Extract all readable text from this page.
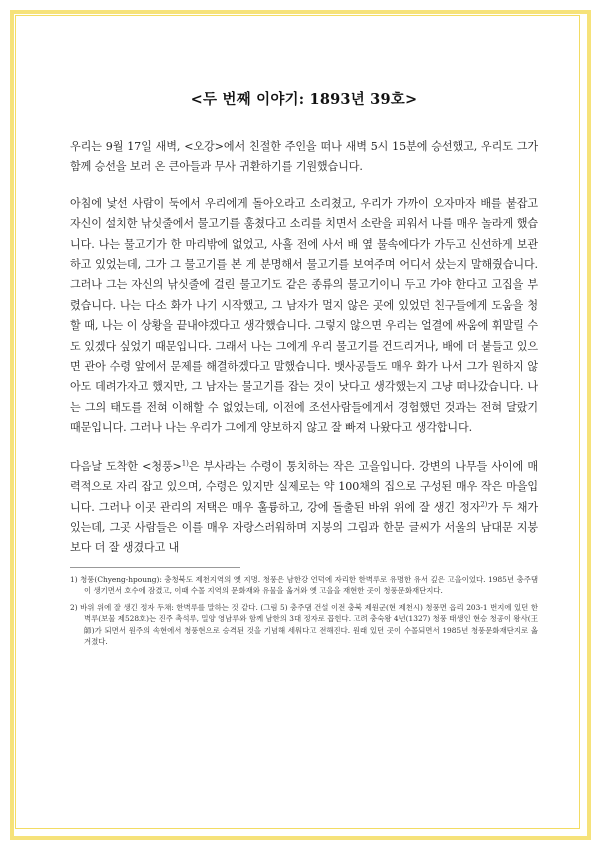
<두 번째 이야기: 1893년 39호>

우리는 9월 17일 새벽, <오강>에서 친절한 주인을 떠나 새벽 5시 15분에 승선했고, 우리도 그가 함께 승선을 보러 온 큰아들과 무사 귀환하기를 기원했습니다.

아침에 낯선 사람이 둑에서 우리에게 돌아오라고 소리쳤고, 우리가 가까이 오자마자 배를 붙잡고 자신이 설치한 낚싯줄에서 물고기를 훔쳤다고 소리를 치면서 소란을 피워서 나를 매우 놀라게 했습니다. 나는 물고기가 한 마리밖에 없었고, 사흘 전에 사서 배 옆 물속에다가 가두고 신선하게 보관하고 있었는데, 그가 그 물고기를 본 게 분명해서 물고기를 보여주며 어디서 샀는지 말해줬습니다. 그러나 그는 자신의 낚싯줄에 걸린 물고기도 같은 종류의 물고기이니 두고 가야 한다고 고집을 부렸습니다. 나는 다소 화가 나기 시작했고, 그 남자가 멀지 않은 곳에 있었던 친구들에게 도움을 청할 때, 나는 이 상황을 끝내야겠다고 생각했습니다. 그렇지 않으면 우리는 얼결에 싸움에 휘말릴 수도 있겠다 싶었기 때문입니다. 그래서 나는 그에게 우리 물고기를 건드리거나, 배에 더 붙들고 있으면 관아 수령 앞에서 문제를 해결하겠다고 말했습니다. 뱃사공들도 매우 화가 나서 그가 원하지 않아도 데려가자고 했지만, 그 남자는 물고기를 잡는 것이 낫다고 생각했는지 그냥 떠나갔습니다. 나는 그의 태도를 전혀 이해할 수 없었는데, 이전에 조선사람들에게서 경험했던 것과는 전혀 달랐기 때문입니다. 그러나 나는 우리가 그에게 양보하지 않고 잘 빠져 나왔다고 생각합니다.

다음날 도착한 <청풍>$^{1)}$은 부사라는 수령이 통치하는 작은 고을입니다. 강변의 나무들 사이에 매력적으로 자리 잡고 있으며, 수령은 있지만 실제로는 약 100채의 집으로 구성된 매우 작은 마을입니다. 그러나 이곳 관리의 저택은 매우 훌륭하고, 강에 돌출된 바위 위에 잘 생긴 정자$^{2)}$가 두 채가 있는데, 그곳 사람들은 이를 매우 자랑스러워하며 지붕의 그림과 한문 글씨가 서울의 남대문 지붕보다 더 잘 생겼다고 내

1) 청풍(Chyeng-hpoung): 충청북도 제천지역의 옛 지명. 청풍은 남한강 언덕에 자리한 한벽루로 유명한 유서 깊은 고을이었다. 1985년 충주댐이 생기면서 호수에 잠겼고, 이때 수몰 지역의 문화재와 유물을 옮겨와 옛 고을을 재현한 곳이 청풍문화재단지다.

2) 바위 위에 잘 생긴 정자 두채: 한벽루를 말하는 것 같다. (그림 5) 충주댐 건설 이전 충북 제원군(현 제천시) 청풍면 읍리 203-1 번지에 있던 한벽루(보물 제528호)는 진주 촉석루, 밀양 영남루와 함께 남한의 3대 정자로 꼽힌다. 고려 충숙왕 4년(1327) 청풍 태생인 현승 청공이 왕사(王師)가 되면서 원주의 속현에서 청풍현으로 승격된 것을 기념해 세워다고 전해진다. 원래 있던 곳이 수몰되면서 1985년 청풍문화재단지로 옮겨졌다.
